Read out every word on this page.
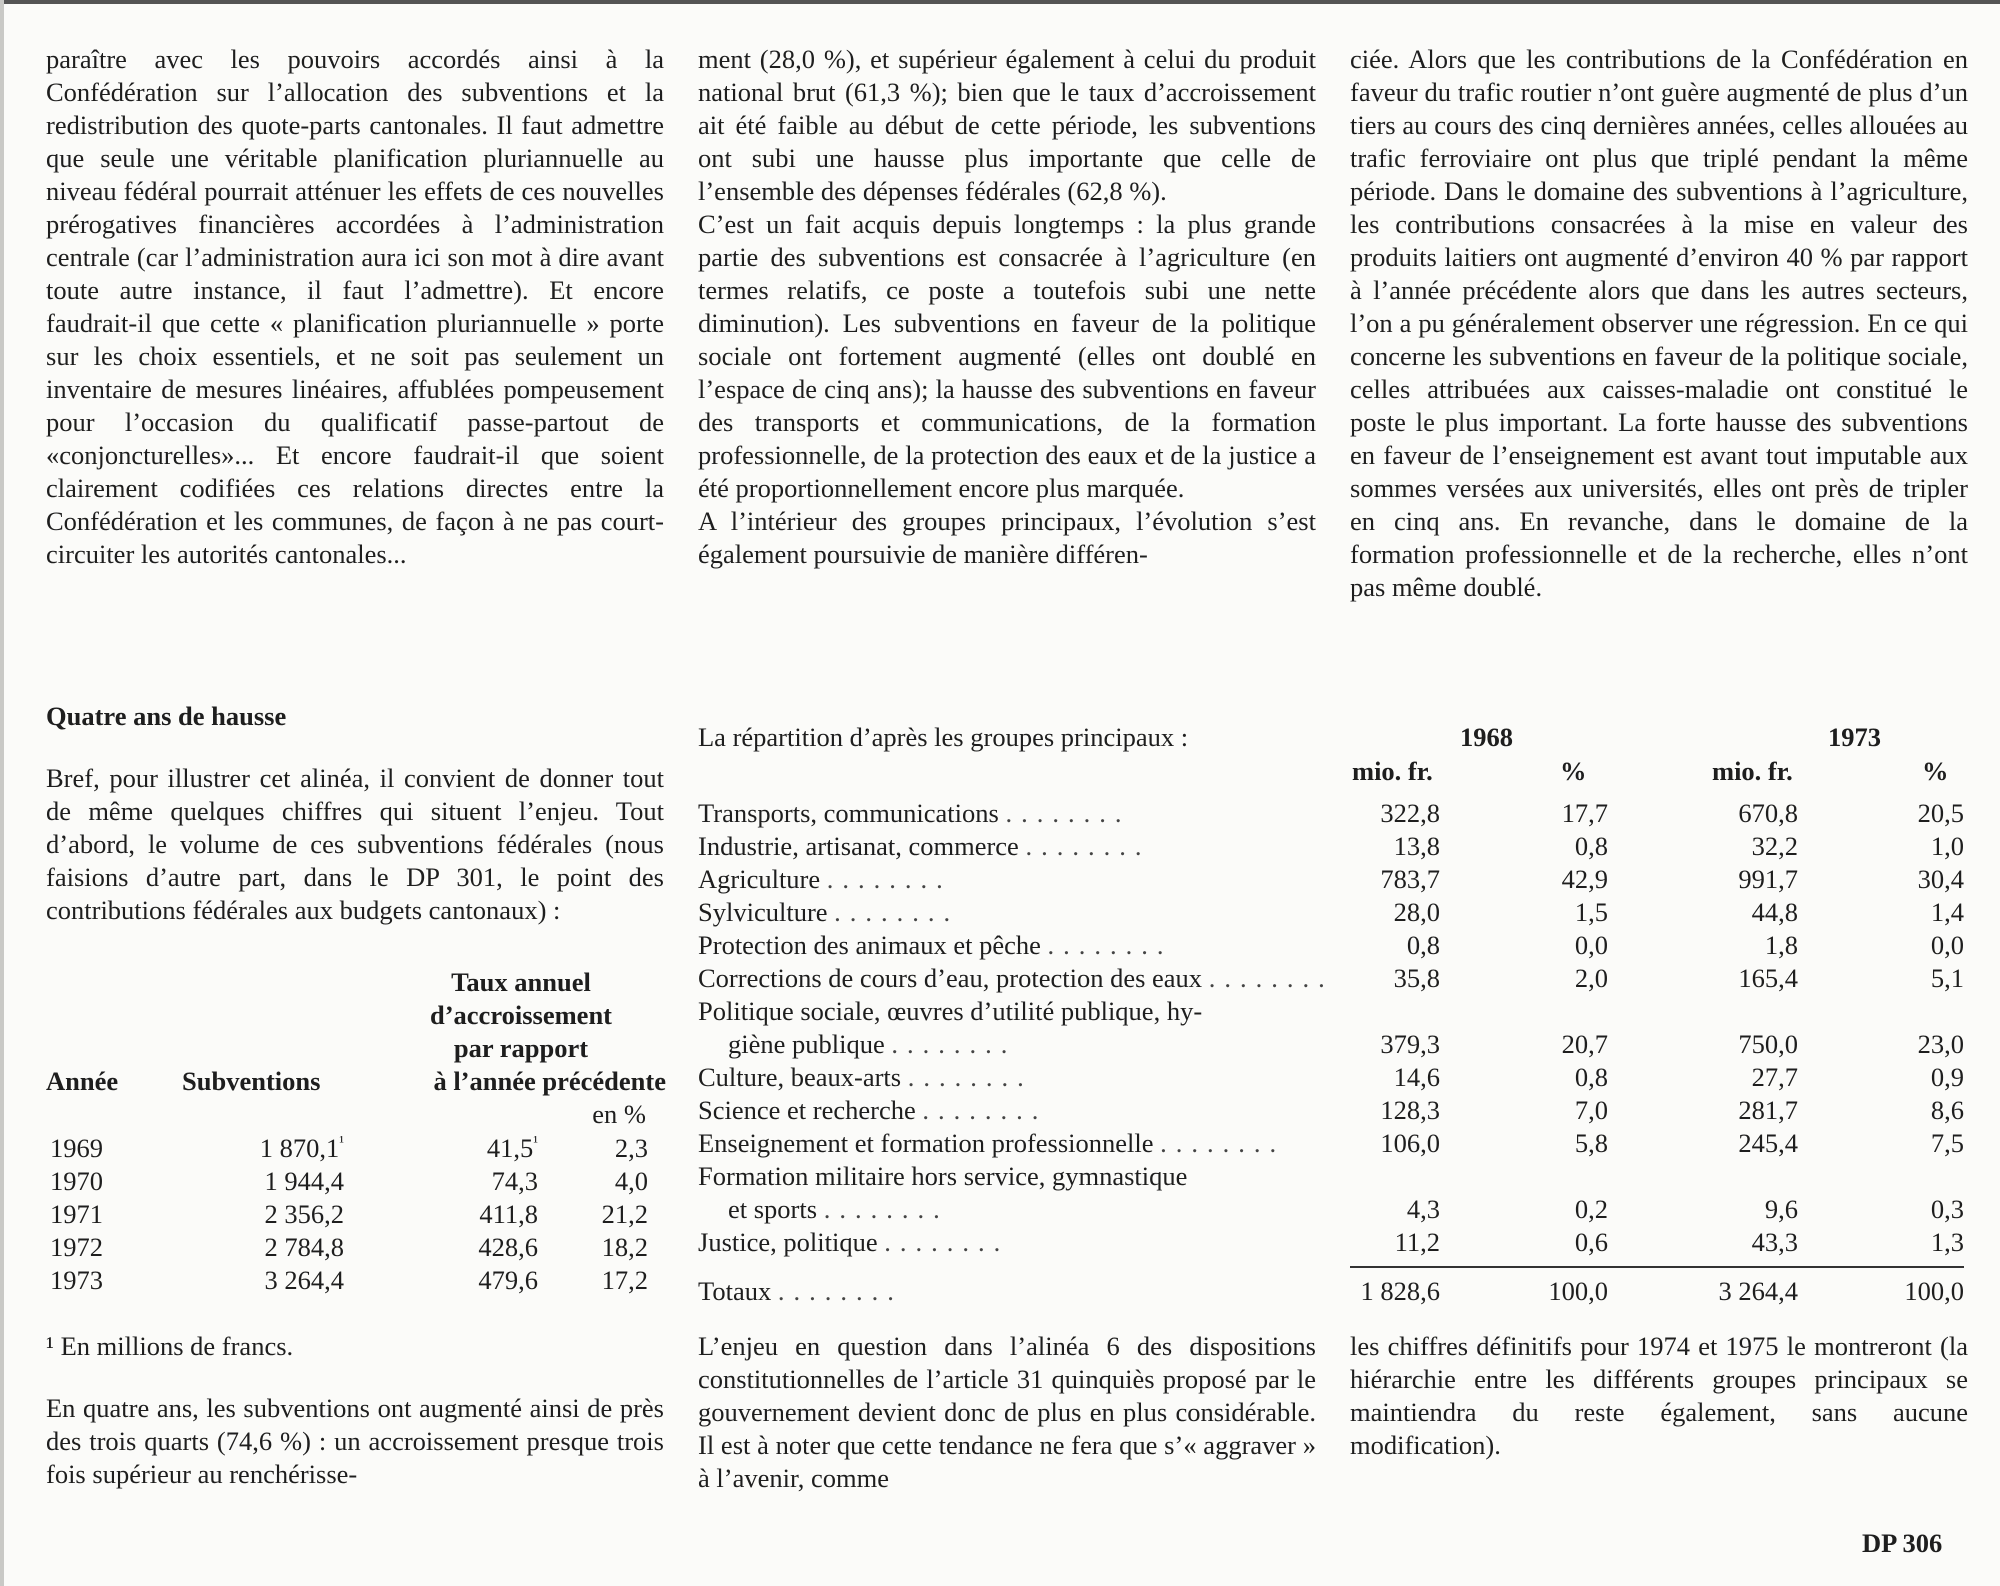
paraître avec les pouvoirs accordés ainsi à la Confédération sur l’allocation des subventions et la redistribution des quote-parts cantonales. Il faut admettre que seule une véritable planification pluriannuelle au niveau fédéral pourrait atténuer les effets de ces nouvelles prérogatives financières accordées à l’administration centrale (car l’administration aura ici son mot à dire avant toute autre instance, il faut l’admettre). Et encore faudrait-il que cette « planification pluriannuelle » porte sur les choix essentiels, et ne soit pas seulement un inventaire de mesures linéaires, affublées pompeusement pour l’occasion du qualificatif passe-partout de «conjoncturelles»... Et encore faudrait-il que soient clairement codifiées ces relations directes entre la Confédération et les communes, de façon à ne pas court-circuiter les autorités cantonales...

Quatre ans de hausse

Bref, pour illustrer cet alinéa, il convient de donner tout de même quelques chiffres qui situent l’enjeu. Tout d’abord, le volume de ces subventions fédérales (nous faisions d’autre part, dans le DP 301, le point des contributions fédérales aux budgets cantonaux) :

Taux annuel
d’accroissement
par rapport
Année Subventions	à l’année précédente
en %
1969	1 $870,1^{^1}$	$41,5^{^1}$	2,3
1970	1 944,4	74,3	4,0
1971	2 356,2	411,8	21,2
1972	2 784,8	428,6	18,2
1973	3 264,4	479,6	17,2

¹ En millions de francs.

En quatre ans, les subventions ont augmenté ainsi de près des trois quarts (74,6 %) : un accroissement presque trois fois supérieur au renchérisse-

ment (28,0 %), et supérieur également à celui du produit national brut (61,3 %); bien que le taux d’accroissement ait été faible au début de cette période, les subventions ont subi une hausse plus importante que celle de l’ensemble des dépenses fédérales (62,8 %).

C’est un fait acquis depuis longtemps : la plus grande partie des subventions est consacrée à l’agriculture (en termes relatifs, ce poste a toutefois subi une nette diminution). Les subventions en faveur de la politique sociale ont fortement augmenté (elles ont doublé en l’espace de cinq ans); la hausse des subventions en faveur des transports et communications, de la formation professionnelle, de la protection des eaux et de la justice a été proportionnellement encore plus marquée.

A l’intérieur des groupes principaux, l’évolution s’est également poursuivie de manière différen-

L’enjeu en question dans l’alinéa 6 des dispositions constitutionnelles de l’article 31 quinquiès proposé par le gouvernement devient donc de plus en plus considérable. Il est à noter que cette tendance ne fera que s’« aggraver » à l’avenir, comme

ciée. Alors que les contributions de la Confédération en faveur du trafic routier n’ont guère augmenté de plus d’un tiers au cours des cinq dernières années, celles allouées au trafic ferroviaire ont plus que triplé pendant la même période. Dans le domaine des subventions à l’agriculture, les contributions consacrées à la mise en valeur des produits laitiers ont augmenté d’environ 40 % par rapport à l’année précédente alors que dans les autres secteurs, l’on a pu généralement observer une régression. En ce qui concerne les subventions en faveur de la politique sociale, celles attribuées aux caisses-maladie ont constitué le poste le plus important. La forte hausse des subventions en faveur de l’enseignement est avant tout imputable aux sommes versées aux universités, elles ont près de tripler en cinq ans. En revanche, dans le domaine de la formation professionnelle et de la recherche, elles n’ont pas même doublé.

les chiffres définitifs pour 1974 et 1975 le montreront (la hiérarchie entre les différents groupes principaux se maintiendra du reste également, sans aucune modification).

La répartition d’après les groupes principaux :	1968	1973
mio. fr.	%	mio. fr.	%
Transports, communications ........	322,8	17,7	670,8	20,5
Industrie, artisanat, commerce ........	13,8	0,8	32,2	1,0
Agriculture ........	783,7	42,9	991,7	30,4
Sylviculture ........	28,0	1,5	44,8	1,4
Protection des animaux et pêche ........	0,8	0,0	1,8	0,0
Corrections de cours d’eau, protection des eaux ........	35,8	2,0	165,4	5,1
Politique sociale, œuvres d’utilité publique, hy-
giène publique ........	379,3	20,7	750,0	23,0
Culture, beaux-arts ........	14,6	0,8	27,7	0,9
Science et recherche ........	128,3	7,0	281,7	8,6
Enseignement et formation professionnelle ........	106,0	5,8	245,4	7,5
Formation militaire hors service, gymnastique
et sports ........	4,3	0,2	9,6	0,3
Justice, politique ........	11,2	0,6	43,3	1,3
Totaux ........	1 828,6	100,0	3 264,4	100,0
DP 306
